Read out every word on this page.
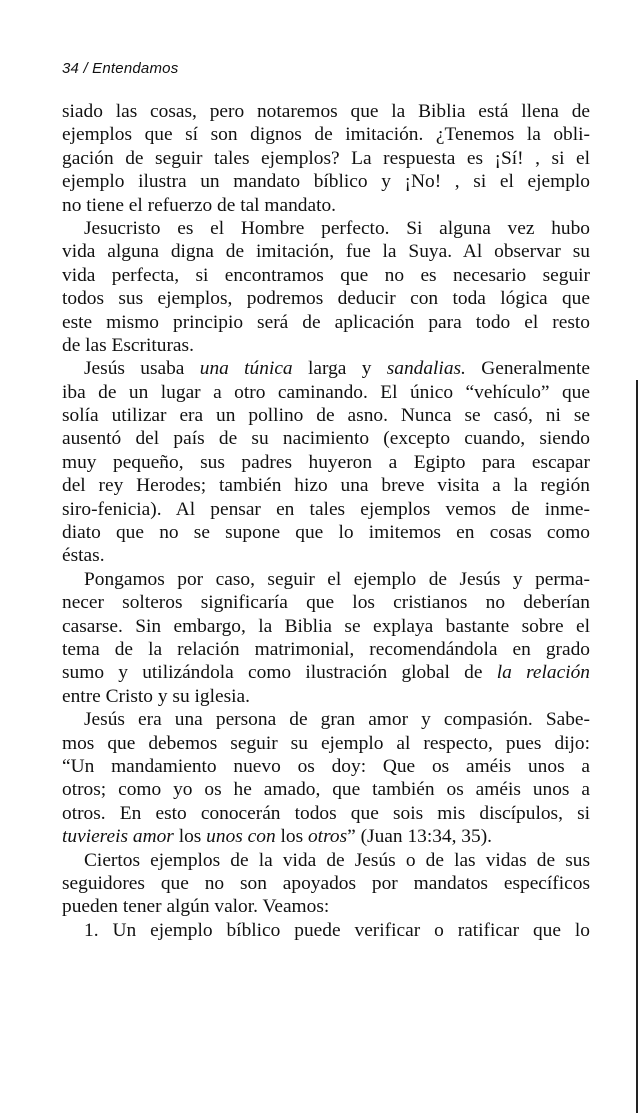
34 / Entendamos
siado las cosas, pero notaremos que la Biblia está llena de
ejemplos que sí son dignos de imitación. ¿Tenemos la obli-
gación de seguir tales ejemplos? La respuesta es ¡Sí! , si el
ejemplo ilustra un mandato bíblico y ¡No! , si el ejemplo
no tiene el refuerzo de tal mandato.
Jesucristo es el Hombre perfecto. Si alguna vez hubo
vida alguna digna de imitación, fue la Suya. Al observar su
vida perfecta, si encontramos que no es necesario seguir
todos sus ejemplos, podremos deducir con toda lógica que
este mismo principio será de aplicación para todo el resto
de las Escrituras.
Jesús usaba una túnica larga y sandalias. Generalmente
iba de un lugar a otro caminando. El único “vehículo” que
solía utilizar era un pollino de asno. Nunca se casó, ni se
ausentó del país de su nacimiento (excepto cuando, siendo
muy pequeño, sus padres huyeron a Egipto para escapar
del rey Herodes; también hizo una breve visita a la región
siro-fenicia). Al pensar en tales ejemplos vemos de inme-
diato que no se supone que lo imitemos en cosas como
éstas.
Pongamos por caso, seguir el ejemplo de Jesús y perma-
necer solteros significaría que los cristianos no deberían
casarse. Sin embargo, la Biblia se explaya bastante sobre el
tema de la relación matrimonial, recomendándola en grado
sumo y utilizándola como ilustración global de la relación
entre Cristo y su iglesia.
Jesús era una persona de gran amor y compasión. Sabe-
mos que debemos seguir su ejemplo al respecto, pues dijo:
“Un mandamiento nuevo os doy: Que os améis unos a
otros; como yo os he amado, que también os améis unos a
otros. En esto conocerán todos que sois mis discípulos, si
tuviereis amor los unos con los otros” (Juan 13:34, 35).
Ciertos ejemplos de la vida de Jesús o de las vidas de sus
seguidores que no son apoyados por mandatos específicos
pueden tener algún valor. Veamos:
1. Un ejemplo bíblico puede verificar o ratificar que lo
